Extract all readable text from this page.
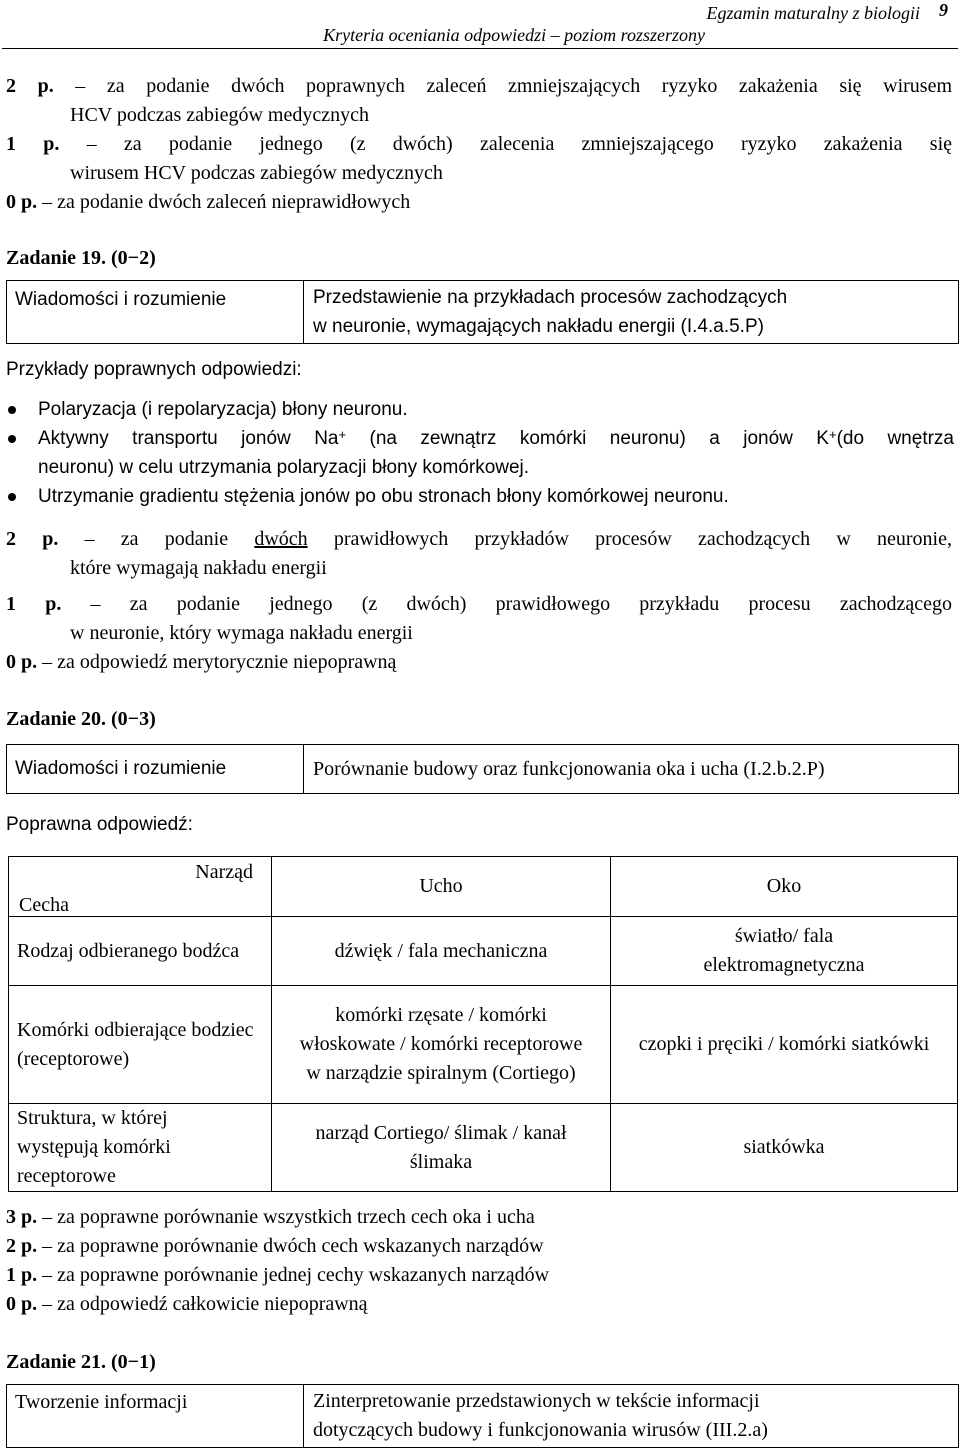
Egzamin maturalny z biologii
Kryteria oceniania odpowiedzi – poziom rozszerzony
9
2 p. – za podanie dwóch poprawnych zaleceń zmniejszających ryzyko zakażenia się wirusem
HCV podczas zabiegów medycznych
1 p. – za podanie jednego (z dwóch) zalecenia zmniejszającego ryzyko zakażenia się
wirusem HCV podczas zabiegów medycznych
0 p. – za podanie dwóch zaleceń nieprawidłowych
Zadanie 19. (0−2)
Wiadomości i rozumienie	Przedstawienie na przykładach procesów zachodzących
w neuronie, wymagających nakładu energii (I.4.a.5.P)
Przykłady poprawnych odpowiedzi:
Polaryzacja (i repolaryzacja) błony neuronu.
Aktywny transportu jonów Na+ (na zewnątrz komórki neuronu) a jonów K+(do wnętrza
neuronu) w celu utrzymania polaryzacji błony komórkowej.
Utrzymanie gradientu stężenia jonów po obu stronach błony komórkowej neuronu.
2 p. – za podanie dwóch prawidłowych przykładów procesów zachodzących w neuronie,
które wymagają nakładu energii
1 p. – za podanie jednego (z dwóch) prawidłowego przykładu procesu zachodzącego
w neuronie, który wymaga nakładu energii
0 p. – za odpowiedź merytorycznie niepoprawną
Zadanie 20. (0−3)
Wiadomości i rozumienie	Porównanie budowy oraz funkcjonowania oka i ucha (I.2.b.2.P)
Poprawna odpowiedź:
Narząd
Cecha	Ucho	Oko
Rodzaj odbieranego bodźca	dźwięk / fala mechaniczna	światło/ fala elektromagnetyczna
Komórki odbierające bodziec (receptorowe)	komórki rzęsate / komórki włoskowate / komórki receptorowe w narządzie spiralnym (Cortiego)	czopki i pręciki / komórki siatkówki
Struktura, w której występują komórki receptorowe	narząd Cortiego/ ślimak / kanał ślimaka	siatkówka
3 p. – za poprawne porównanie wszystkich trzech cech oka i ucha
2 p. – za poprawne porównanie dwóch cech wskazanych narządów
1 p. – za poprawne porównanie jednej cechy wskazanych narządów
0 p. – za odpowiedź całkowicie niepoprawną
Zadanie 21. (0−1)
Tworzenie informacji	Zinterpretowanie przedstawionych w tekście informacji
dotyczących budowy i funkcjonowania wirusów (III.2.a)
